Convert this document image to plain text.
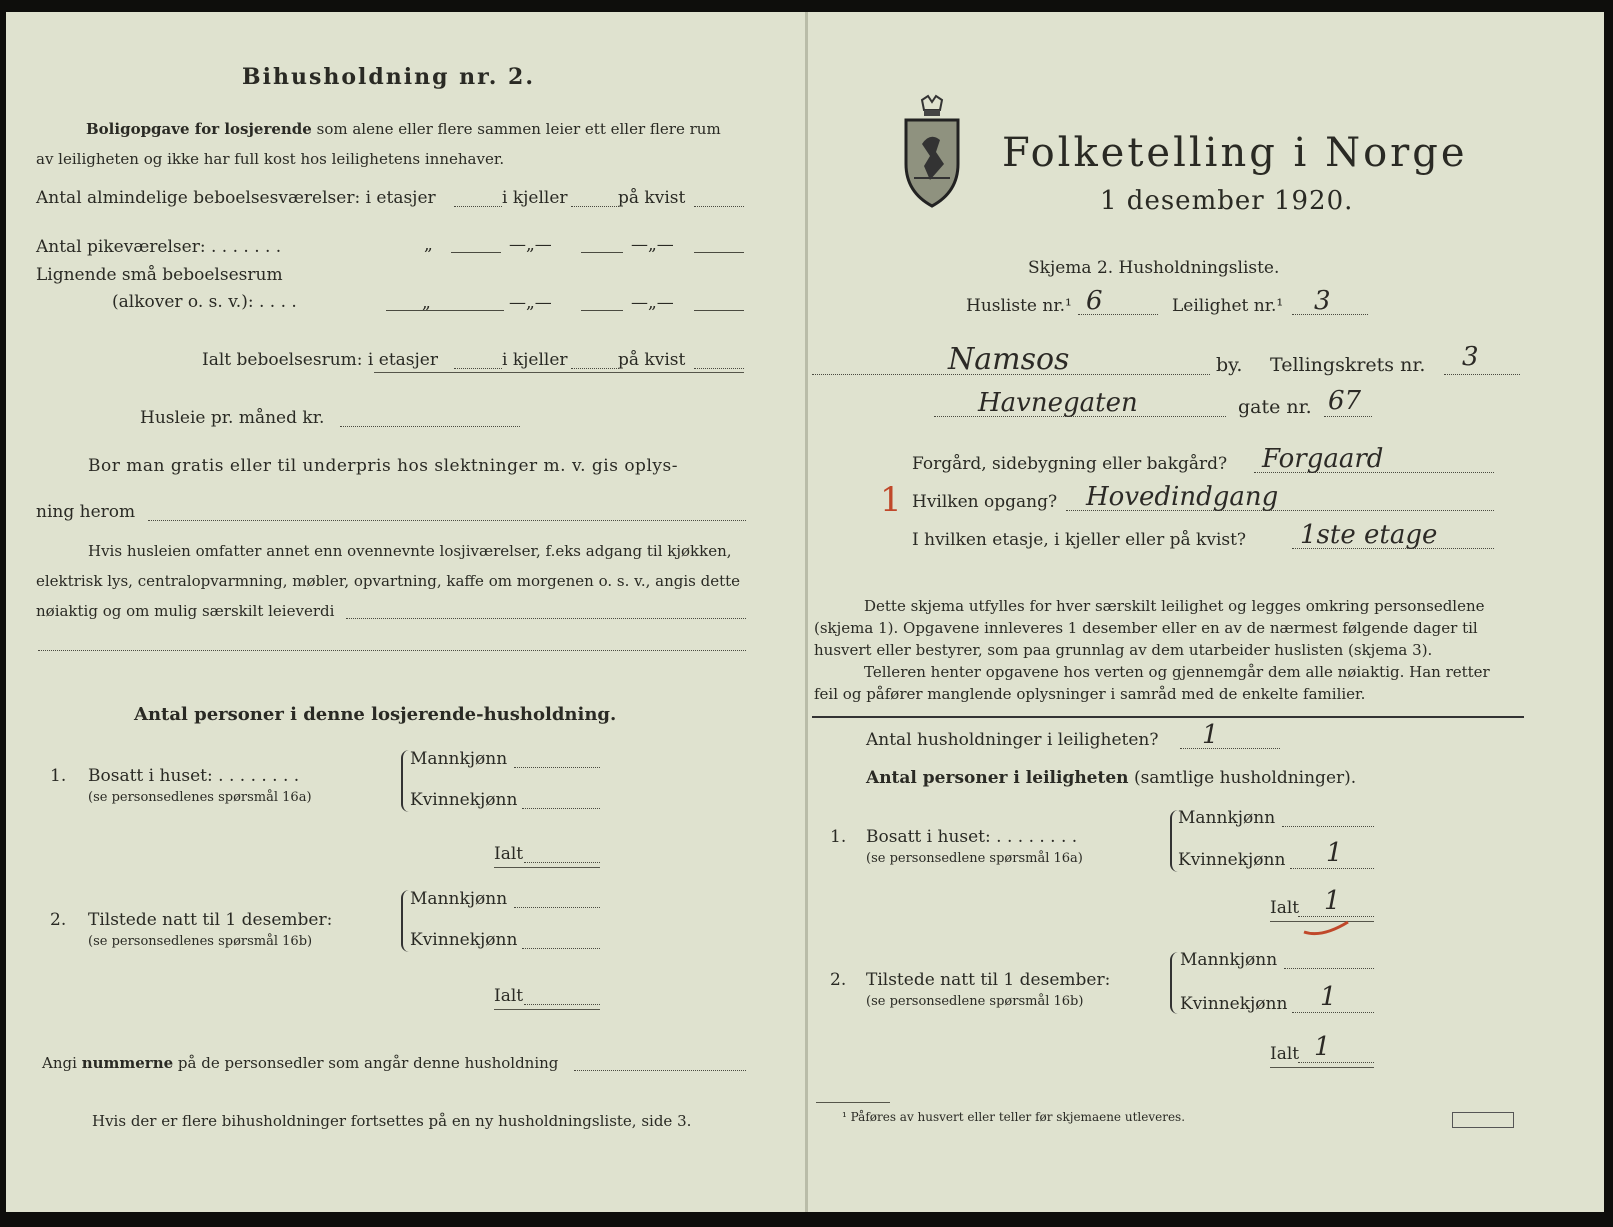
Bihusholdning nr. 2.
Boligopgave for losjerende som alene eller flere sammen leier ett eller flere rum
av leiligheten og ikke har full kost hos leilighetens innehaver.
Antal almindelige beboelsesværelser: i etasjer	i kjeller	på kvist
Antal pikeværelser: . . . . . . .	„	—„—	—„—
Lignende små beboelsesrum
(alkover o. s. v.): . . . .	„	—„—	—„—
Ialt beboelsesrum: i etasjer	i kjeller	på kvist
Husleie pr. måned kr.
Bor man gratis eller til underpris hos slektninger m. v. gis oplys-
ning herom
Hvis husleien omfatter annet enn ovennevnte losjiværelser, f.eks adgang til kjøkken,
elektrisk lys, centralopvarmning, møbler, opvartning, kaffe om morgenen o. s. v., angis dette
nøiaktig og om mulig særskilt leieverdi
Antal personer i denne losjerende-husholdning.
1. Bosatt i huset: . . . . . . . .
(se personsedlenes spørsmål 16a)
Mannkjønn
Kvinnekjønn
Ialt
2. Tilstede natt til 1 desember:
(se personsedlenes spørsmål 16b)
Mannkjønn
Kvinnekjønn
Ialt
Angi nummerne på de personsedler som angår denne husholdning
Hvis der er flere bihusholdninger fortsettes på en ny husholdningsliste, side 3.
Folketelling i Norge
1 desember 1920.
Skjema 2. Husholdningsliste.
Husliste nr.¹ 6	Leilighet nr.¹ 3
Namsos	by. Tellingskrets nr. 3
Havnegaten	gate nr. 67
Forgård, sidebygning eller bakgård? Forgaard
1 Hvilken opgang? Hovedindgang
I hvilken etasje, i kjeller eller på kvist? 1ste etage
Dette skjema utfylles for hver særskilt leilighet og legges omkring personsedlene
(skjema 1). Opgavene innleveres 1 desember eller en av de nærmest følgende dager til
husvert eller bestyrer, som paa grunnlag av dem utarbeider huslisten (skjema 3).
Telleren henter opgavene hos verten og gjennemgår dem alle nøiaktig. Han retter
feil og påfører manglende oplysninger i samråd med de enkelte familier.
Antal husholdninger i leiligheten? 1
Antal personer i leiligheten (samtlige husholdninger).
1. Bosatt i huset: . . . . . . . .
(se personsedlene spørsmål 16a)
Mannkjønn
Kvinnekjønn 1
Ialt 1
2. Tilstede natt til 1 desember:
(se personsedlene spørsmål 16b)
Mannkjønn
Kvinnekjønn 1
Ialt 1
¹ Påføres av husvert eller teller før skjemaene utleveres.
